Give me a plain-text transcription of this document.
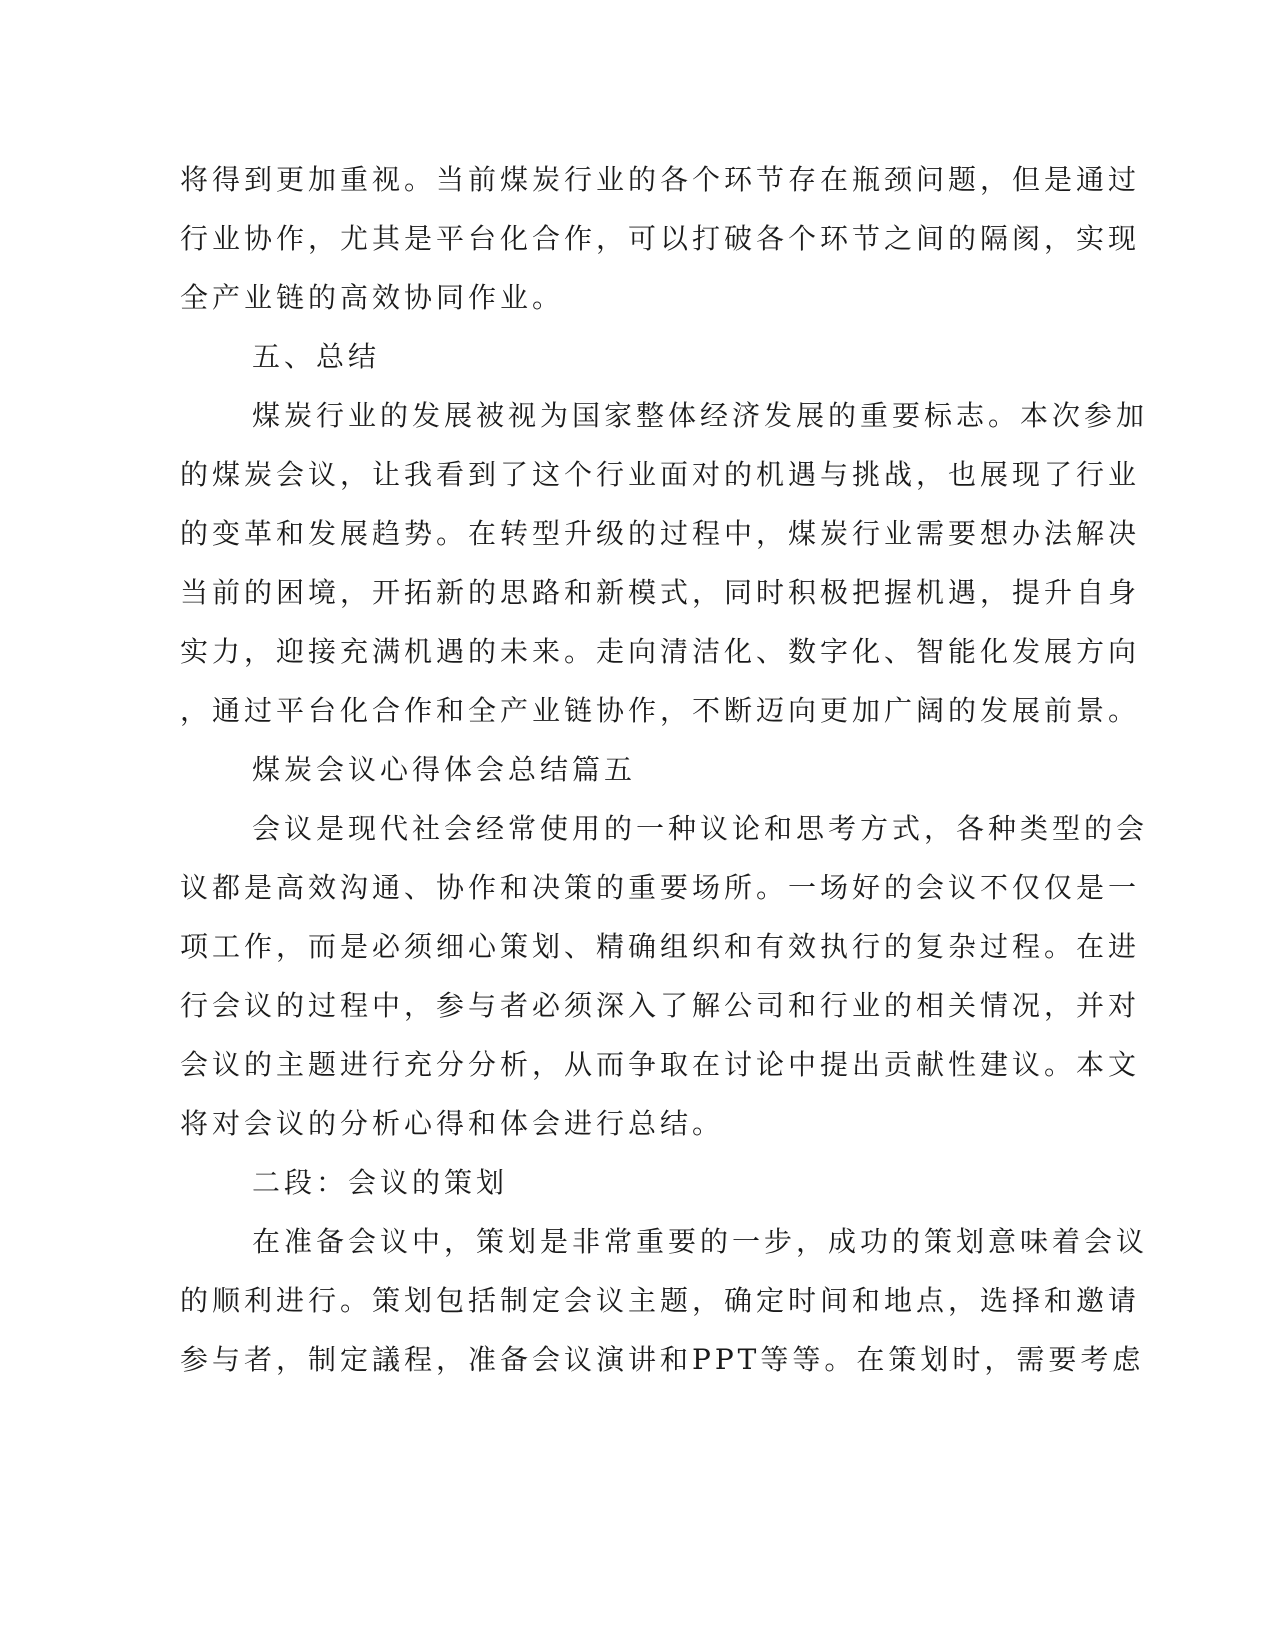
将得到更加重视。当前煤炭行业的各个环节存在瓶颈问题，但是通过
行业协作，尤其是平台化合作，可以打破各个环节之间的隔阂，实现
全产业链的高效协同作业。
五、总结
煤炭行业的发展被视为国家整体经济发展的重要标志。本次参加
的煤炭会议，让我看到了这个行业面对的机遇与挑战，也展现了行业
的变革和发展趋势。在转型升级的过程中，煤炭行业需要想办法解决
当前的困境，开拓新的思路和新模式，同时积极把握机遇，提升自身
实力，迎接充满机遇的未来。走向清洁化、数字化、智能化发展方向
，通过平台化合作和全产业链协作，不断迈向更加广阔的发展前景。
煤炭会议心得体会总结篇五
会议是现代社会经常使用的一种议论和思考方式，各种类型的会
议都是高效沟通、协作和决策的重要场所。一场好的会议不仅仅是一
项工作，而是必须细心策划、精确组织和有效执行的复杂过程。在进
行会议的过程中，参与者必须深入了解公司和行业的相关情况，并对
会议的主题进行充分分析，从而争取在讨论中提出贡献性建议。本文
将对会议的分析心得和体会进行总结。
二段：会议的策划
在准备会议中，策划是非常重要的一步，成功的策划意味着会议
的顺利进行。策划包括制定会议主题，确定时间和地点，选择和邀请
参与者，制定議程，准备会议演讲和PPT等等。在策划时，需要考虑
